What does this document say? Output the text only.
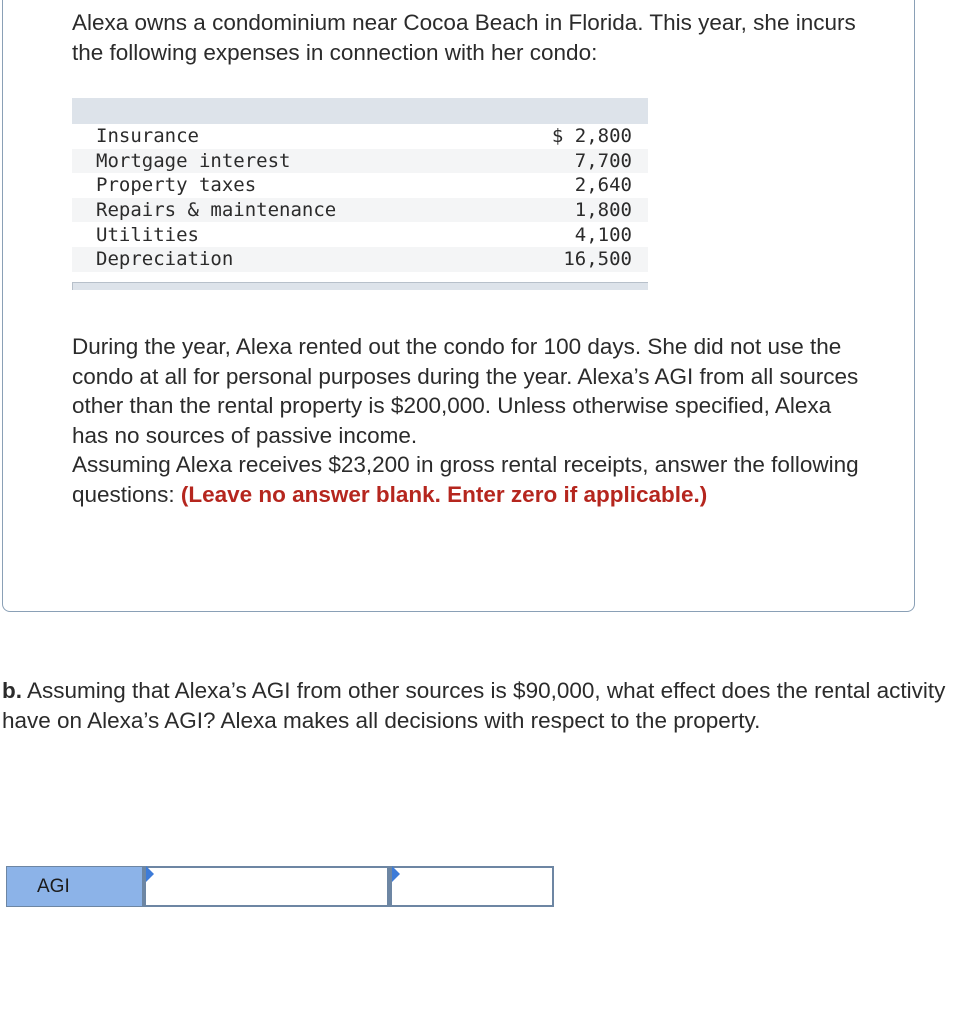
Alexa owns a condominium near Cocoa Beach in Florida. This year, she incurs the following expenses in connection with her condo:

Insurance	$ 2,800
Mortgage interest	7,700
Property taxes	2,640
Repairs & maintenance	1,800
Utilities	4,100
Depreciation	16,500

During the year, Alexa rented out the condo for 100 days. She did not use the condo at all for personal purposes during the year. Alexa’s AGI from all sources other than the rental property is $200,000. Unless otherwise specified, Alexa has no sources of passive income.
Assuming Alexa receives $23,200 in gross rental receipts, answer the following questions: (Leave no answer blank. Enter zero if applicable.)

b. Assuming that Alexa’s AGI from other sources is $90,000, what effect does the rental activity have on Alexa’s AGI? Alexa makes all decisions with respect to the property.

AGI
